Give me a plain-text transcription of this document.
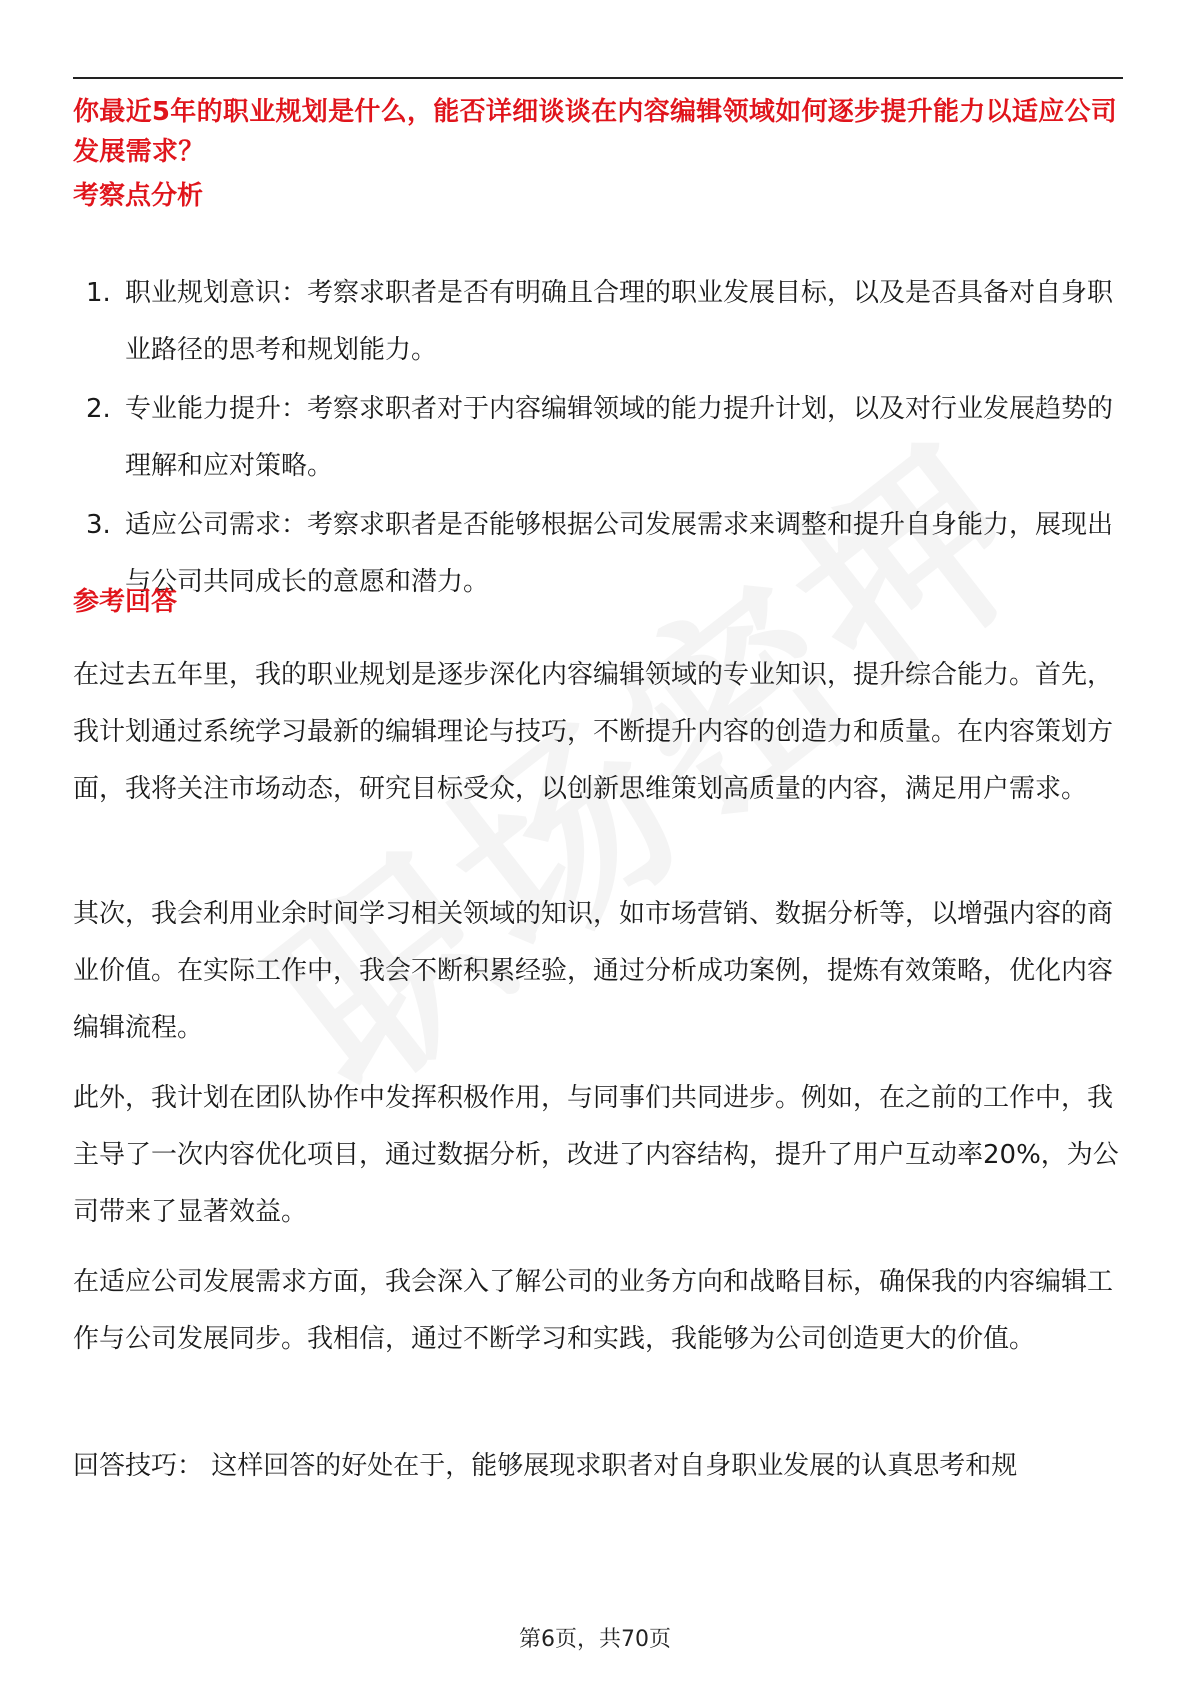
你最近5年的职业规划是什么，能否详细谈谈在内容编辑领域如何逐步提升能力以适应公司发展需求？
考察点分析
1. 职业规划意识：考察求职者是否有明确且合理的职业发展目标，以及是否具备对自身职业路径的思考和规划能力。
2. 专业能力提升：考察求职者对于内容编辑领域的能力提升计划，以及对行业发展趋势的理解和应对策略。
3. 适应公司需求：考察求职者是否能够根据公司发展需求来调整和提升自身能力，展现出与公司共同成长的意愿和潜力。
参考回答

在过去五年里，我的职业规划是逐步深化内容编辑领域的专业知识，提升综合能力。首先，我计划通过系统学习最新的编辑理论与技巧，不断提升内容的创造力和质量。在内容策划方面，我将关注市场动态，研究目标受众，以创新思维策划高质量的内容，满足用户需求。

其次，我会利用业余时间学习相关领域的知识，如市场营销、数据分析等，以增强内容的商业价值。在实际工作中，我会不断积累经验，通过分析成功案例，提炼有效策略，优化内容编辑流程。

此外，我计划在团队协作中发挥积极作用，与同事们共同进步。例如，在之前的工作中，我主导了一次内容优化项目，通过数据分析，改进了内容结构，提升了用户互动率20%，为公司带来了显著效益。

在适应公司发展需求方面，我会深入了解公司的业务方向和战略目标，确保我的内容编辑工作与公司发展同步。我相信，通过不断学习和实践，我能够为公司创造更大的价值。

回答技巧： 这样回答的好处在于，能够展现求职者对自身职业发展的认真思考和规

第6页，共70页
